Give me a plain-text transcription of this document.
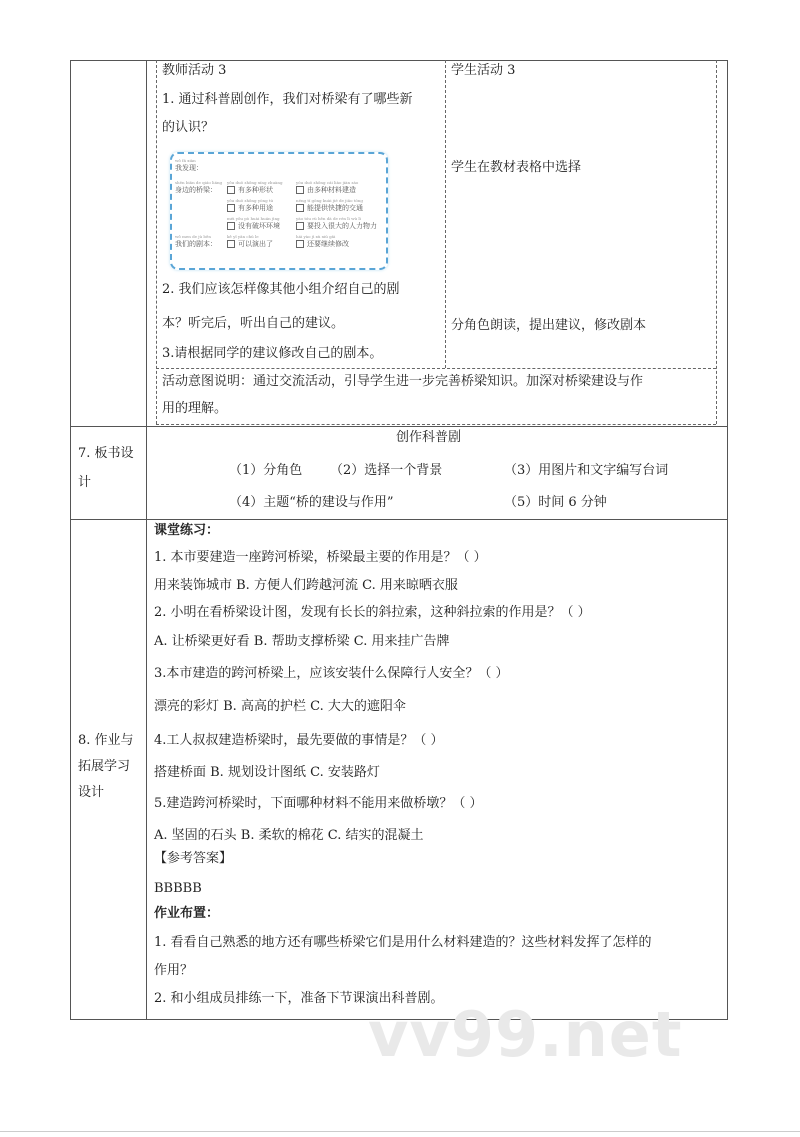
教师活动 3
1. 通过科普剧创作，我们对桥梁有了哪些新
的认识？
wǒ fā xiàn
我发现：
shēn biān de qiáo liáng
身边的桥梁：
yǒu duō zhǒng xíng zhuàng
有多种形状
yóu duō zhǒng cái liào jiàn zào
由多种材料建造
yǒu duō zhǒng yòng tú
有多种用途
néng tí gōng kuài jié de jiāo tōng
能提供快捷的交通
méi yǒu pò huài huán jìng
没有破坏环境
yào tóu rù hěn dà de rén lì wù lì
要投入很大的人力物力
wǒ men de jù běn
我们的剧本：
kě yǐ yǎn chū le
可以演出了
hái yào jì xù xiū gǎi
还要继续修改
2. 我们应该怎样像其他小组介绍自己的剧
本？听完后，听出自己的建议。
3.请根据同学的建议修改自己的剧本。
学生活动 3
学生在教材表格中选择
分角色朗读，提出建议，修改剧本
活动意图说明：通过交流活动，引导学生进一步完善桥梁知识。加深对桥梁建设与作
用的理解。
7. 板书设
计
创作科普剧
（1）分角色 （2）选择一个背景	（3）用图片和文字编写台词
（4）主题“桥的建设与作用”	（5）时间 6 分钟
8. 作业与
拓展学习
设计
课堂练习：
1. 本市要建造一座跨河桥梁，桥梁最主要的作用是？（ ）
用来装饰城市 B. 方便人们跨越河流 C. 用来晾晒衣服
2. 小明在看桥梁设计图，发现有长长的斜拉索，这种斜拉索的作用是？（ ）
A. 让桥梁更好看 B. 帮助支撑桥梁 C. 用来挂广告牌
3.本市建造的跨河桥梁上，应该安装什么保障行人安全？（ ）
漂亮的彩灯 B. 高高的护栏 C. 大大的遮阳伞
4.工人叔叔建造桥梁时，最先要做的事情是？（ ）
搭建桥面 B. 规划设计图纸 C. 安装路灯
5.建造跨河桥梁时，下面哪种材料不能用来做桥墩？（ ）
A. 坚固的石头 B. 柔软的棉花 C. 结实的混凝土
【参考答案】
BBBBB
作业布置：
1. 看看自己熟悉的地方还有哪些桥梁它们是用什么材料建造的？这些材料发挥了怎样的
作用？
2. 和小组成员排练一下，准备下节课演出科普剧。
vv99.net
